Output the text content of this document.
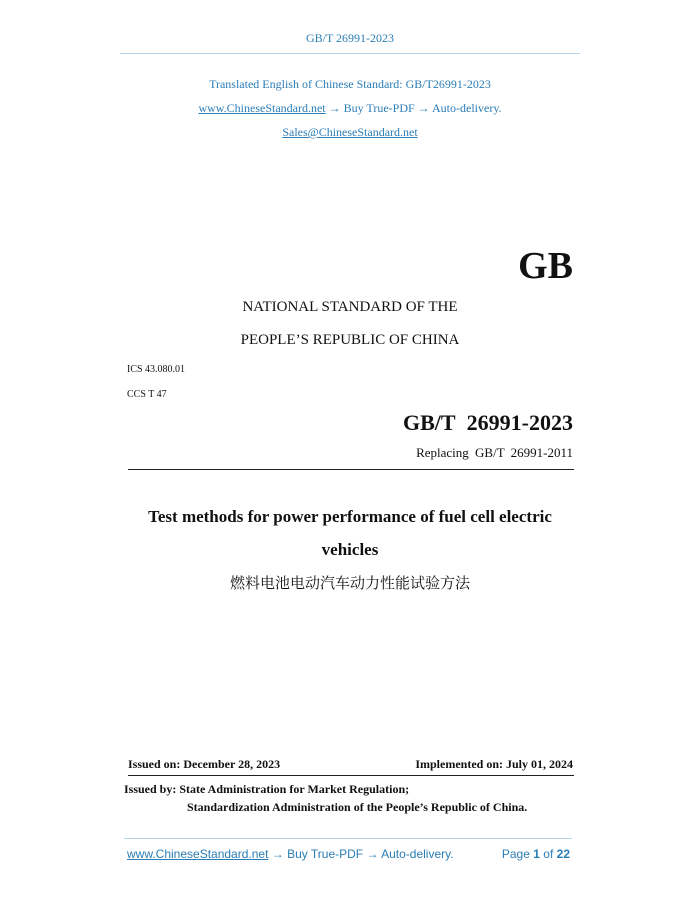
GB/T 26991-2023
Translated English of Chinese Standard: GB/T26991-2023
www.ChineseStandard.net → Buy True-PDF → Auto-delivery.
Sales@ChineseStandard.net
GB
NATIONAL STANDARD OF THE
PEOPLE’S REPUBLIC OF CHINA
ICS 43.080.01
CCS T 47
GB/T 26991-2023
Replacing GB/T 26991-2011
Test methods for power performance of fuel cell electric
vehicles
燃料电池电动汽车动力性能试验方法
Issued on: December 28, 2023	Implemented on: July 01, 2024
Issued by: State Administration for Market Regulation;
Standardization Administration of the People’s Republic of China.
www.ChineseStandard.net → Buy True-PDF → Auto-delivery.	Page 1 of 22
